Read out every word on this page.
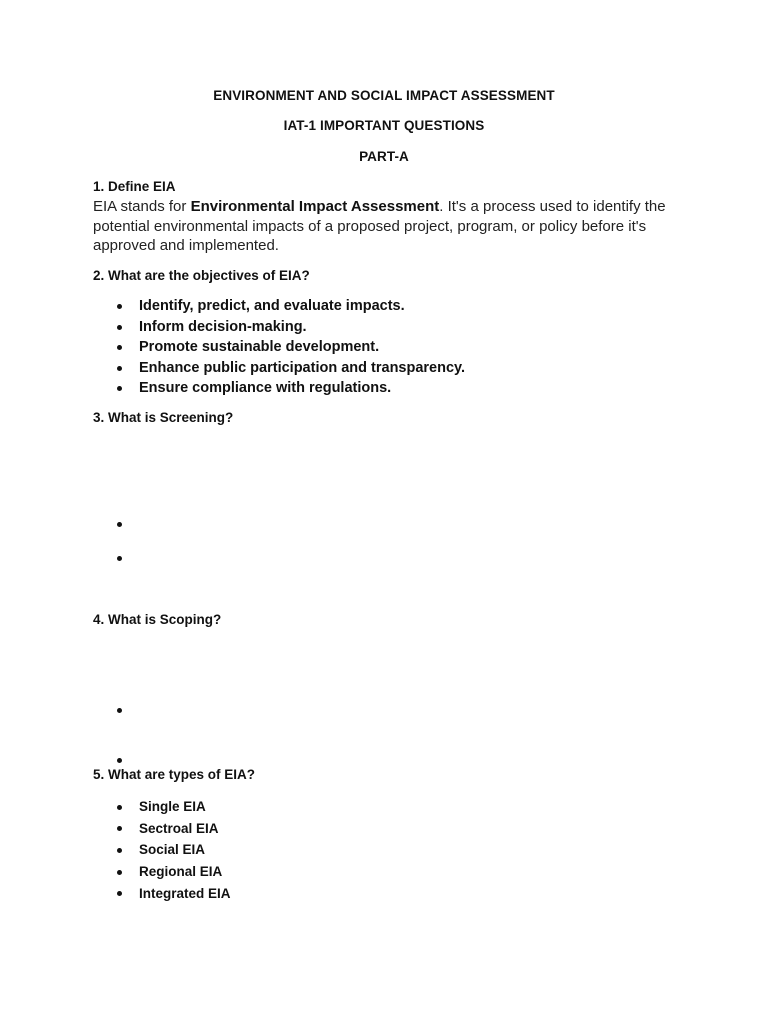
ENVIRONMENT AND SOCIAL IMPACT ASSESSMENT
IAT-1 IMPORTANT QUESTIONS
PART-A
1. Define EIA
EIA stands for Environmental Impact Assessment. It's a process used to identify the potential environmental impacts of a proposed project, program, or policy before it's approved and implemented.
2. What are the objectives of EIA?
Identify, predict, and evaluate impacts.
Inform decision-making.
Promote sustainable development.
Enhance public participation and transparency.
Ensure compliance with regulations.
3. What is Screening?
4. What is Scoping?
5. What are types of EIA?
Single EIA
Sectroal EIA
Social EIA
Regional EIA
Integrated EIA
